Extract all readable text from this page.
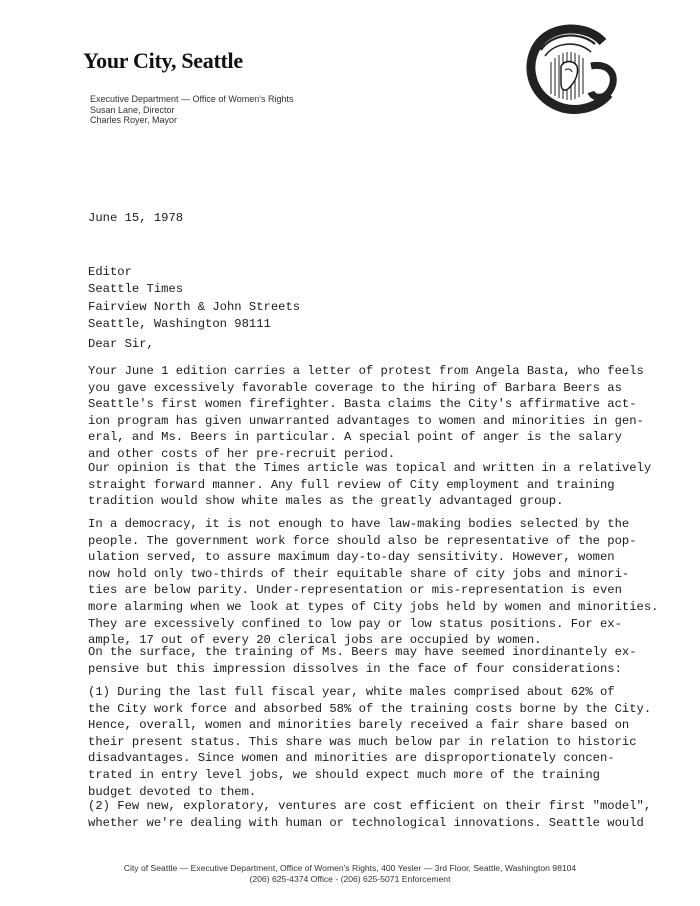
Your City, Seattle
Executive Department — Office of Women's Rights
Susan Lane, Director
Charles Royer, Mayor
June 15, 1978
Editor
Seattle Times
Fairview North & John Streets
Seattle, Washington 98111
Dear Sir,
Your June 1 edition carries a letter of protest from Angela Basta, who feels
you gave excessively favorable coverage to the hiring of Barbara Beers as
Seattle's first women firefighter. Basta claims the City's affirmative act-
ion program has given unwarranted advantages to women and minorities in gen-
eral, and Ms. Beers in particular. A special point of anger is the salary
and other costs of her pre-recruit period.
Our opinion is that the Times article was topical and written in a relatively
straight forward manner. Any full review of City employment and training
tradition would show white males as the greatly advantaged group.
In a democracy, it is not enough to have law-making bodies selected by the
people. The government work force should also be representative of the pop-
ulation served, to assure maximum day-to-day sensitivity. However, women
now hold only two-thirds of their equitable share of city jobs and minori-
ties are below parity. Under-representation or mis-representation is even
more alarming when we look at types of City jobs held by women and minorities.
They are excessively confined to low pay or low status positions. For ex-
ample, 17 out of every 20 clerical jobs are occupied by women.
On the surface, the training of Ms. Beers may have seemed inordinantely ex-
pensive but this impression dissolves in the face of four considerations:
(1) During the last full fiscal year, white males comprised about 62% of
the City work force and absorbed 58% of the training costs borne by the City.
Hence, overall, women and minorities barely received a fair share based on
their present status. This share was much below par in relation to historic
disadvantages. Since women and minorities are disproportionately concen-
trated in entry level jobs, we should expect much more of the training
budget devoted to them.
(2) Few new, exploratory, ventures are cost efficient on their first "model",
whether we're dealing with human or technological innovations. Seattle would
City of Seattle — Executive Department, Office of Women's Rights, 400 Yesler — 3rd Floor, Seattle, Washington 98104
(206) 625-4374 Office - (206) 625-5071 Enforcement
